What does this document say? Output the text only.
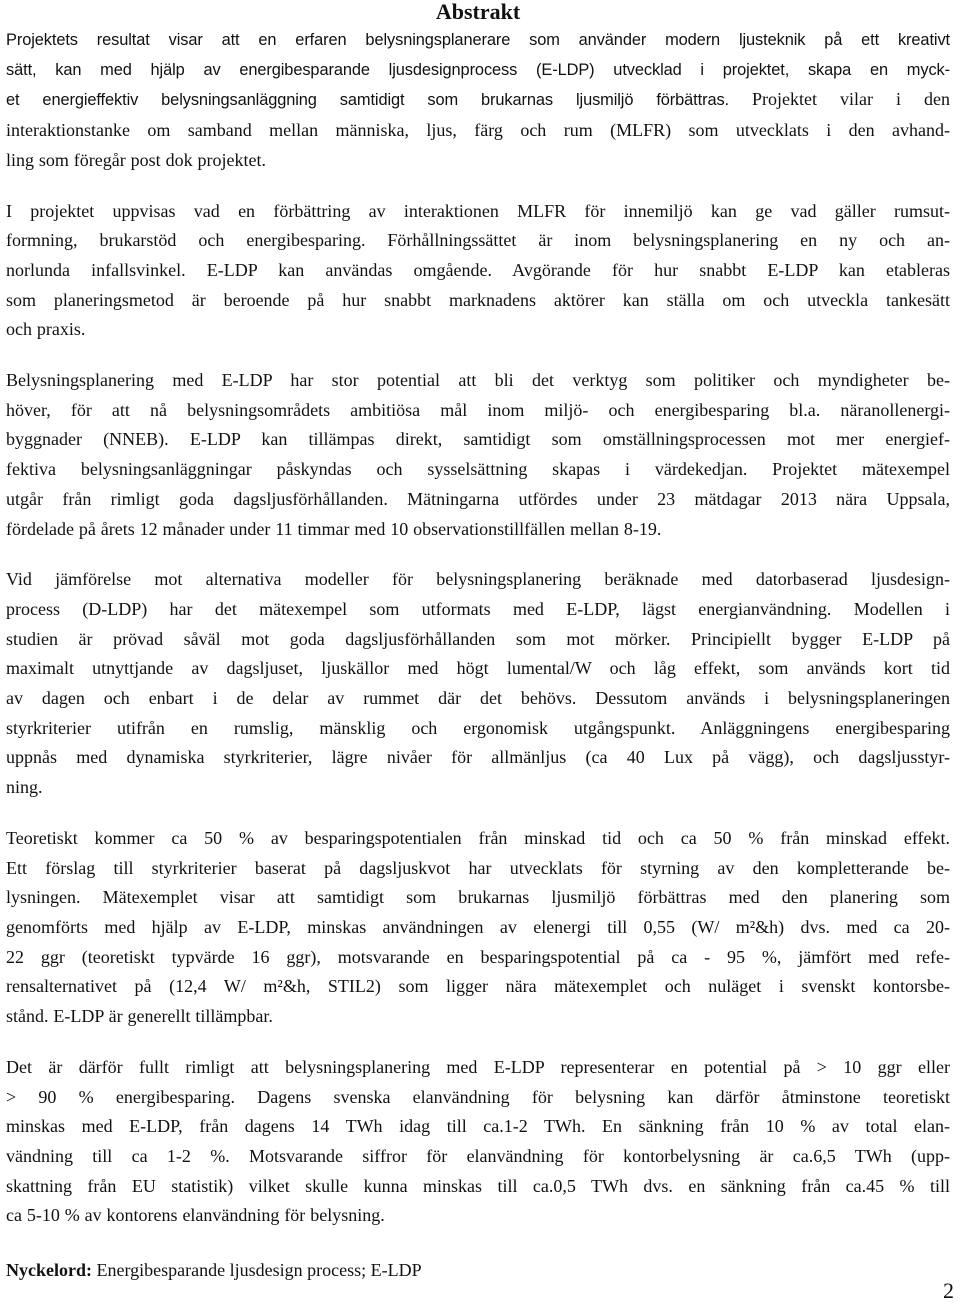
Abstrakt
Projektets resultat visar att en erfaren belysningsplanerare som använder modern ljusteknik på ett kreativt
sätt, kan med hjälp av energibesparande ljusdesignprocess (E-LDP) utvecklad i projektet, skapa en myck-
et energieffektiv belysningsanläggning samtidigt som brukarnas ljusmiljö förbättras. Projektet vilar i den
interaktionstanke om samband mellan människa, ljus, färg och rum (MLFR) som utvecklats i den avhand-
ling som föregår post dok projektet.
I projektet uppvisas vad en förbättring av interaktionen MLFR för innemiljö kan ge vad gäller rumsut-
formning, brukarstöd och energibesparing. Förhållningssättet är inom belysningsplanering en ny och an-
norlunda infallsvinkel. E-LDP kan användas omgående. Avgörande för hur snabbt E-LDP kan etableras
som planeringsmetod är beroende på hur snabbt marknadens aktörer kan ställa om och utveckla tankesätt
och praxis.
Belysningsplanering med E-LDP har stor potential att bli det verktyg som politiker och myndigheter be-
höver, för att nå belysningsområdets ambitiösa mål inom miljö- och energibesparing bl.a. näranollenergi-
byggnader (NNEB). E-LDP kan tillämpas direkt, samtidigt som omställningsprocessen mot mer energief-
fektiva belysningsanläggningar påskyndas och sysselsättning skapas i värdekedjan. Projektet mätexempel
utgår från rimligt goda dagsljusförhållanden. Mätningarna utfördes under 23 mätdagar 2013 nära Uppsala,
fördelade på årets 12 månader under 11 timmar med 10 observationstillfällen mellan 8-19.
Vid jämförelse mot alternativa modeller för belysningsplanering beräknade med datorbaserad ljusdesign-
process (D-LDP) har det mätexempel som utformats med E-LDP, lägst energianvändning. Modellen i
studien är prövad såväl mot goda dagsljusförhållanden som mot mörker. Principiellt bygger E-LDP på
maximalt utnyttjande av dagsljuset, ljuskällor med högt lumental/W och låg effekt, som används kort tid
av dagen och enbart i de delar av rummet där det behövs. Dessutom används i belysningsplaneringen
styrkriterier utifrån en rumslig, mänsklig och ergonomisk utgångspunkt. Anläggningens energibesparing
uppnås med dynamiska styrkriterier, lägre nivåer för allmänljus (ca 40 Lux på vägg), och dagsljusstyr-
ning.
Teoretiskt kommer ca 50 % av besparingspotentialen från minskad tid och ca 50 % från minskad effekt.
Ett förslag till styrkriterier baserat på dagsljuskvot har utvecklats för styrning av den kompletterande be-
lysningen. Mätexemplet visar att samtidigt som brukarnas ljusmiljö förbättras med den planering som
genomförts med hjälp av E-LDP, minskas användningen av elenergi till 0,55 (W/ m²&h) dvs. med ca 20-
22 ggr (teoretiskt typvärde 16 ggr), motsvarande en besparingspotential på ca - 95 %, jämfört med refe-
rensalternativet på (12,4 W/ m²&h, STIL2) som ligger nära mätexemplet och nuläget i svenskt kontorsbe-
stånd. E-LDP är generellt tillämpbar.
Det är därför fullt rimligt att belysningsplanering med E-LDP representerar en potential på > 10 ggr eller
> 90 % energibesparing. Dagens svenska elanvändning för belysning kan därför åtminstone teoretiskt
minskas med E-LDP, från dagens 14 TWh idag till ca.1-2 TWh. En sänkning från 10 % av total elan-
vändning till ca 1-2 %. Motsvarande siffror för elanvändning för kontorbelysning är ca.6,5 TWh (upp-
skattning från EU statistik) vilket skulle kunna minskas till ca.0,5 TWh dvs. en sänkning från ca.45 % till
ca 5-10 % av kontorens elanvändning för belysning.

Nyckelord: Energibesparande ljusdesign process; E-LDP

2
